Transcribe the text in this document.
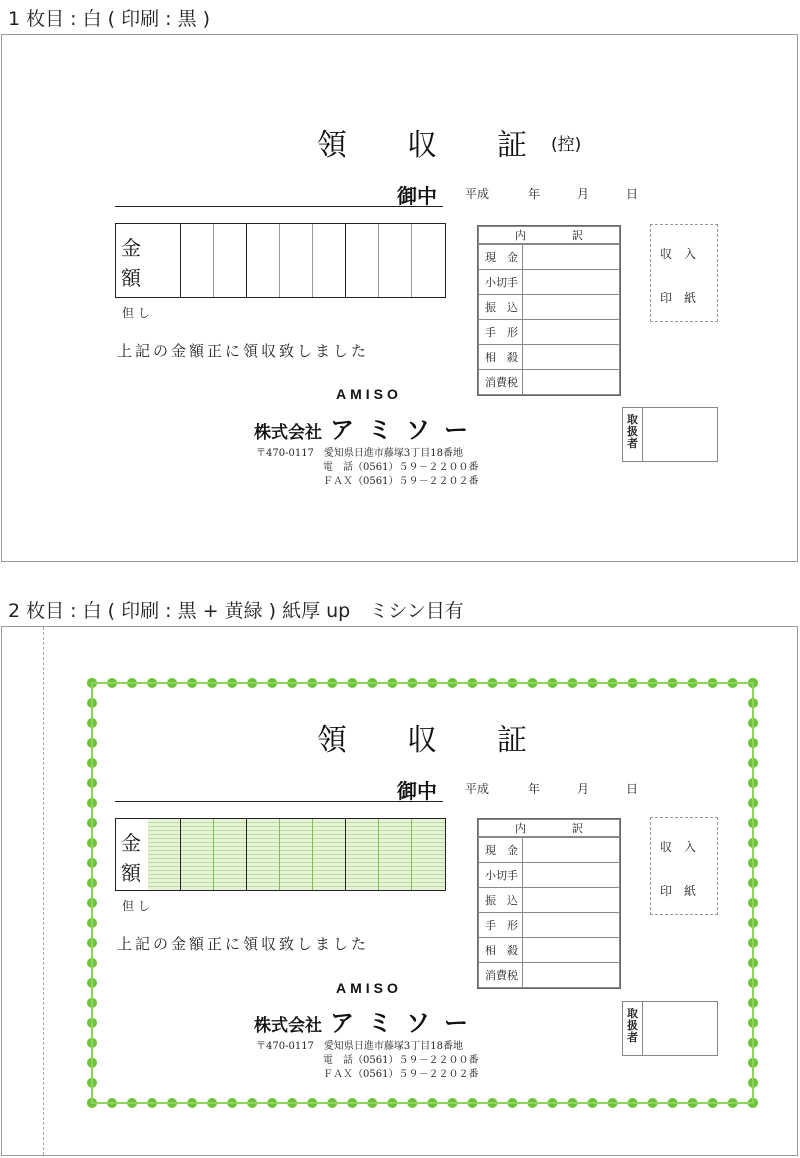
1 枚目 : 白 ( 印刷 : 黒 )
領 収 証 (控)
御中 平成	年	月	日
金
額
但 し
上記の金額正に領収致しました
内	訳
現　金	
小切手	
振　込	
手　形	
相　殺	
消費税	
収入
印紙
取扱者
AMISO
株式会社 アミソー
〒470-0117　愛知県日進市藤塚3丁目18番地
電　話（0561）５９－２２００番
ＦＡＸ（0561）５９－２２０２番
2 枚目 : 白 ( 印刷 : 黒 + 黄緑 ) 紙厚 up　ミシン目有
領 収 証
御中 平成	年	月	日
金
額
但 し
上記の金額正に領収致しました
内	訳
現　金	
小切手	
振　込	
手　形	
相　殺	
消費税	
収入
印紙
取扱者
AMISO
株式会社 アミソー
〒470-0117　愛知県日進市藤塚3丁目18番地
電　話（0561）５９－２２００番
ＦＡＸ（0561）５９－２２０２番
